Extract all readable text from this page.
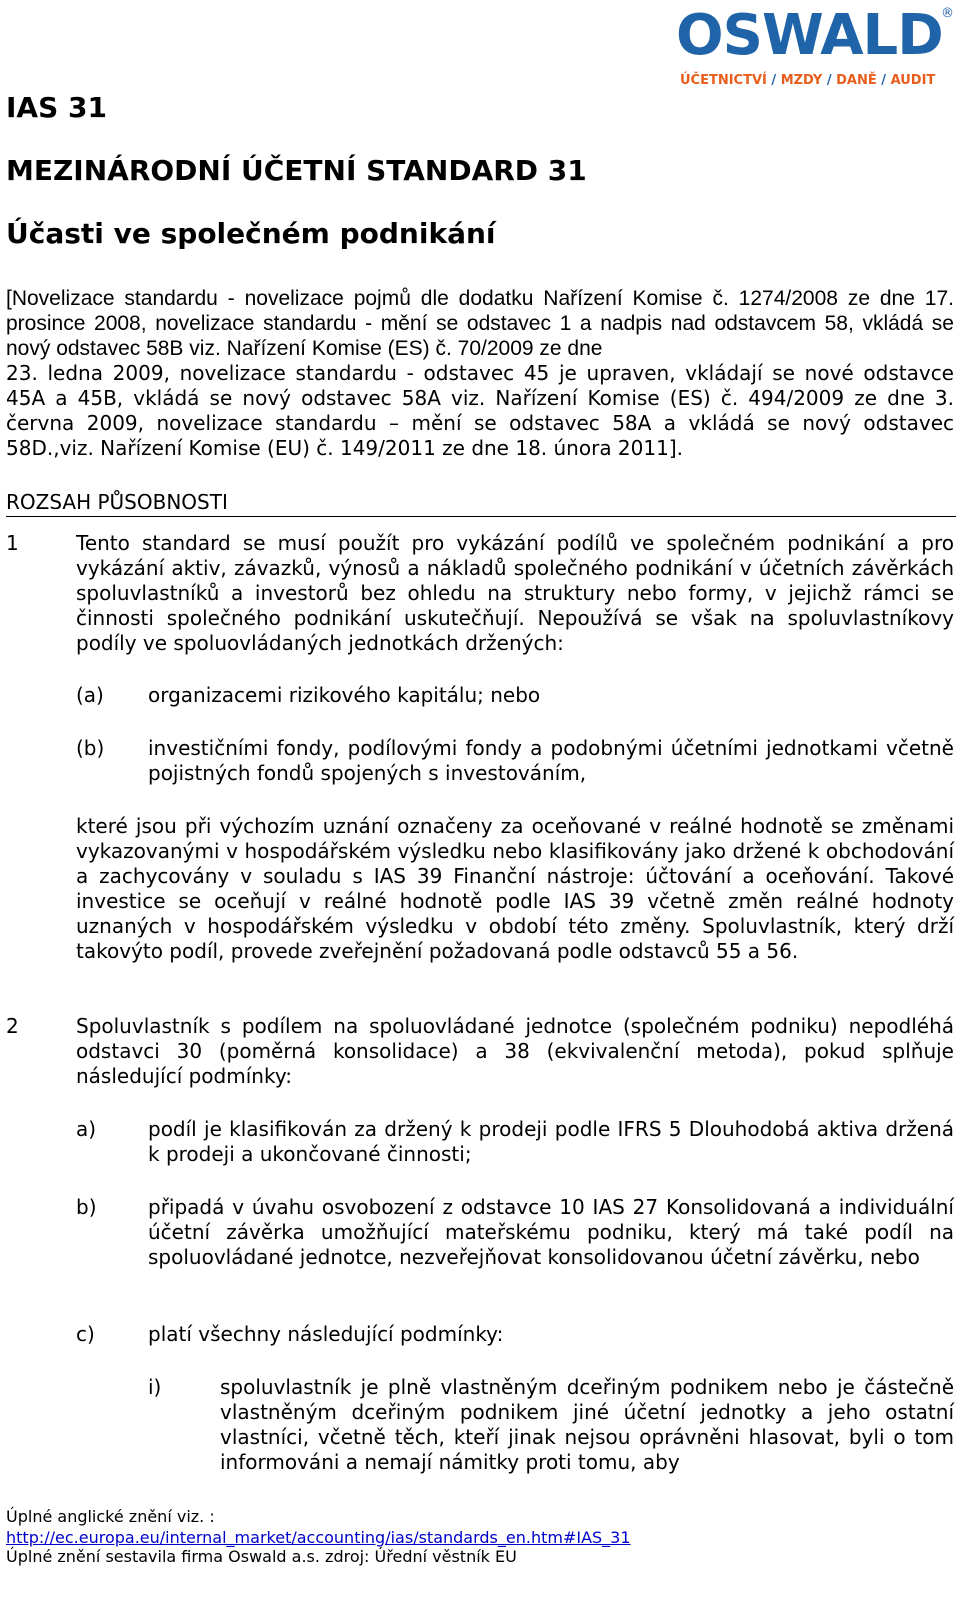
OSWALD
®
ÚČETNICTVÍ / MZDY / DANĚ / AUDIT
IAS 31
MEZINÁRODNÍ ÚČETNÍ STANDARD 31
Účasti ve společném podnikání

[Novelizace standardu - novelizace pojmů dle dodatku Nařízení Komise č. 1274/2008 ze dne 17. prosince 2008, novelizace standardu - mění se odstavec 1 a nadpis nad odstavcem 58, vkládá se nový odstavec 58B viz. Nařízení Komise (ES) č. 70/2009 ze dne

23. ledna 2009, novelizace standardu - odstavec 45 je upraven, vkládají se nové odstavce 45A a 45B, vkládá se nový odstavec 58A viz. Nařízení Komise (ES) č. 494/2009 ze dne 3. června 2009, novelizace standardu – mění se odstavec 58A a vkládá se nový odstavec 58D.,viz. Nařízení Komise (EU) č. 149/2011 ze dne 18. února 2011].

ROZSAH PŮSOBNOSTI
1	Tento standard se musí použít pro vykázání podílů ve společném podnikání a pro vykázání aktiv, závazků, výnosů a nákladů společného podnikání v účetních závěrkách spoluvlastníků a investorů bez ohledu na struktury nebo formy, v jejichž rámci se činnosti společného podnikání uskutečňují. Nepoužívá se však na spoluvlastníkovy podíly ve spoluovládaných jednotkách držených:

(a) organizacemi rizikového kapitálu; nebo

(b) investičními fondy, podílovými fondy a podobnými účetními jednotkami včetně pojistných fondů spojených s investováním,

které jsou při výchozím uznání označeny za oceňované v reálné hodnotě se změnami vykazovanými v hospodářském výsledku nebo klasifikovány jako držené k obchodování a zachycovány v souladu s IAS 39 Finanční nástroje: účtování a oceňování. Takové investice se oceňují v reálné hodnotě podle IAS 39 včetně změn reálné hodnoty uznaných v hospodářském výsledku v období této změny. Spoluvlastník, který drží takovýto podíl, provede zveřejnění požadovaná podle odstavců 55 a 56.

2	Spoluvlastník s podílem na spoluovládané jednotce (společném podniku) nepodléhá odstavci 30 (poměrná konsolidace) a 38 (ekvivalenční metoda), pokud splňuje následující podmínky:

a)	podíl je klasifikován za držený k prodeji podle IFRS 5 Dlouhodobá aktiva držená k prodeji a ukončované činnosti;

b)	připadá v úvahu osvobození z odstavce 10 IAS 27 Konsolidovaná a individuální účetní závěrka umožňující mateřskému podniku, který má také podíl na spoluovládané jednotce, nezveřejňovat konsolidovanou účetní závěrku, nebo

c)	platí všechny následující podmínky:

i)	spoluvlastník je plně vlastněným dceřiným podnikem nebo je částečně vlastněným dceřiným podnikem jiné účetní jednotky a jeho ostatní vlastníci, včetně těch, kteří jinak nejsou oprávněni hlasovat, byli o tom informováni a nemají námitky proti tomu, aby

Úplné anglické znění viz. :
http://ec.europa.eu/internal_market/accounting/ias/standards_en.htm#IAS_31
Úplné znění sestavila firma Oswald a.s. zdroj: Úřední věstník EU
